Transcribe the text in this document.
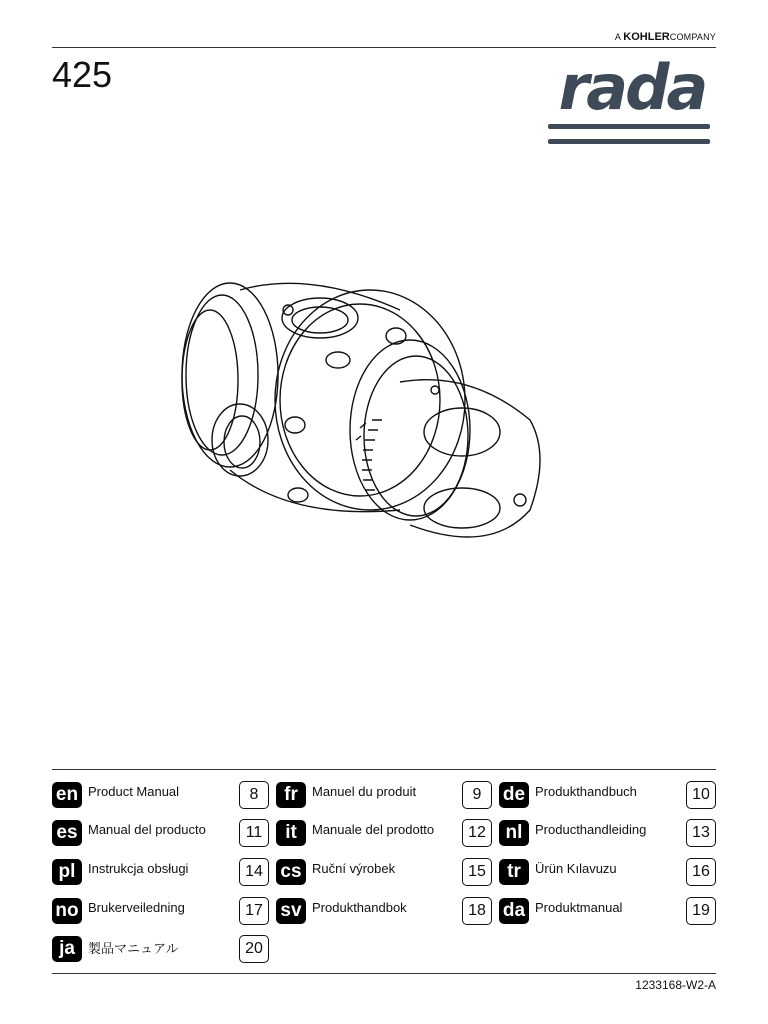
A KOHLERCOMPANY
425	rada
en Product Manual	8	fr	Manuel du produit	9	de Produkthandbuch	10
es Manual del producto	11	it	Manuale del prodotto	12	nl Producthandleiding	13
pl Instrukcja obsługi	14 cs Ruční výrobek	15	tr	Ürün Kılavuzu	16
no Brukerveiledning	17 sv Produkthandbok	18 da Produktmanual	19
ja	製品マニュアル	20
1233168-W2-A
